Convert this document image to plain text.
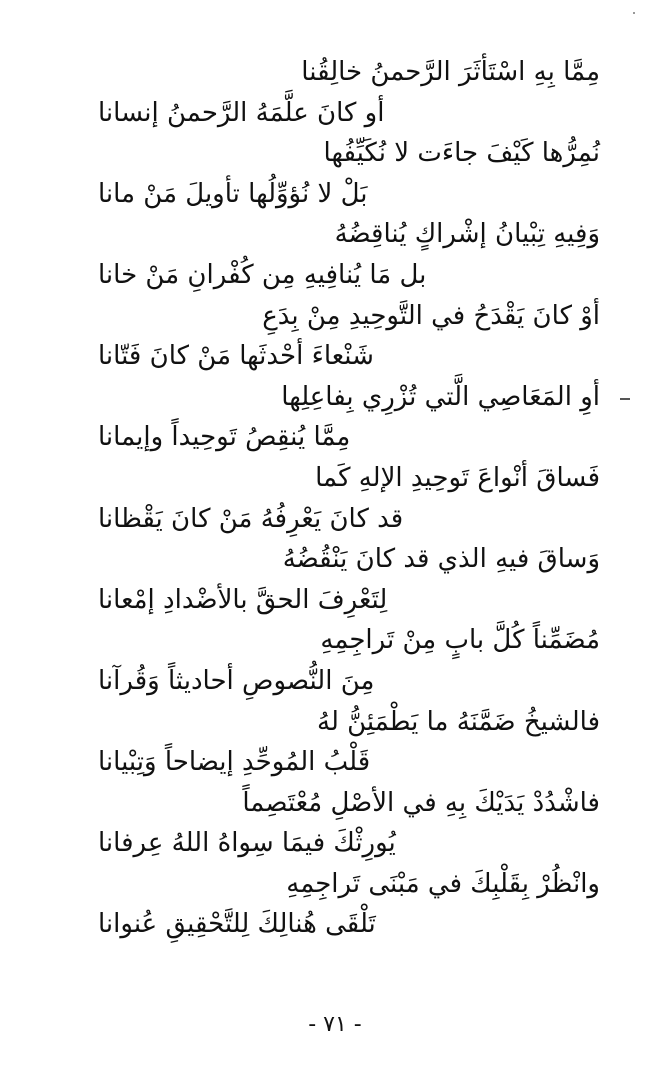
مِمَّا بِهِ اسْتَأثَرَ الرَّحمنُ خالِقُنا
أو كانَ علَّمَهُ الرَّحمنُ إنسانا
نُمِرُّها كَيْفَ جاءَت لا نُكَيِّفُها
بَلْ لا نُؤوِّلُها تأويلَ مَنْ مانا
وَفِيهِ تِبْيانُ إشْراكٍ يُناقِضُهُ
بل مَا يُنافِيهِ مِن كُفْرانِ مَنْ خانا
أوْ كانَ يَقْدَحُ في التَّوحِيدِ مِنْ بِدَعِ
شَنْعاءَ أحْدثَها مَنْ كانَ فَتّانا
أوِ المَعَاصِي الَّتي تُزْرِي بِفاعِلِها
مِمَّا يُنقِصُ تَوحِيداً وإيمانا
فَساقَ أنْواعَ تَوحِيدِ الإلهِ كَما
قد كانَ يَعْرِفُهُ مَنْ كانَ يَقْظانا
وَساقَ فيهِ الذي قد كانَ يَنْقُضُهُ
لِتَعْرِفَ الحقَّ بالأضْدادِ إمْعانا
مُضَمِّناً كُلَّ بابٍ مِنْ تَراجِمِهِ
مِنَ النُّصوصِ أحاديثاً وَقُرآنا
فالشيخُ ضَمَّنَهُ ما يَطْمَئِنُّ لهُ
قَلْبُ المُوحِّدِ إيضاحاً وَتِبْيانا
فاشْدُدْ يَدَيْكَ بِهِ في الأصْلِ مُعْتَصِماً
يُورِثْكَ فيمَا سِواهُ اللهُ عِرفانا
وانْظُرْ بِقَلْبِكَ في مَبْنَى تَراجِمِهِ
تَلْقَى هُنالِكَ لِلتَّحْقِيقِ عُنوانا
- ٧١ -
